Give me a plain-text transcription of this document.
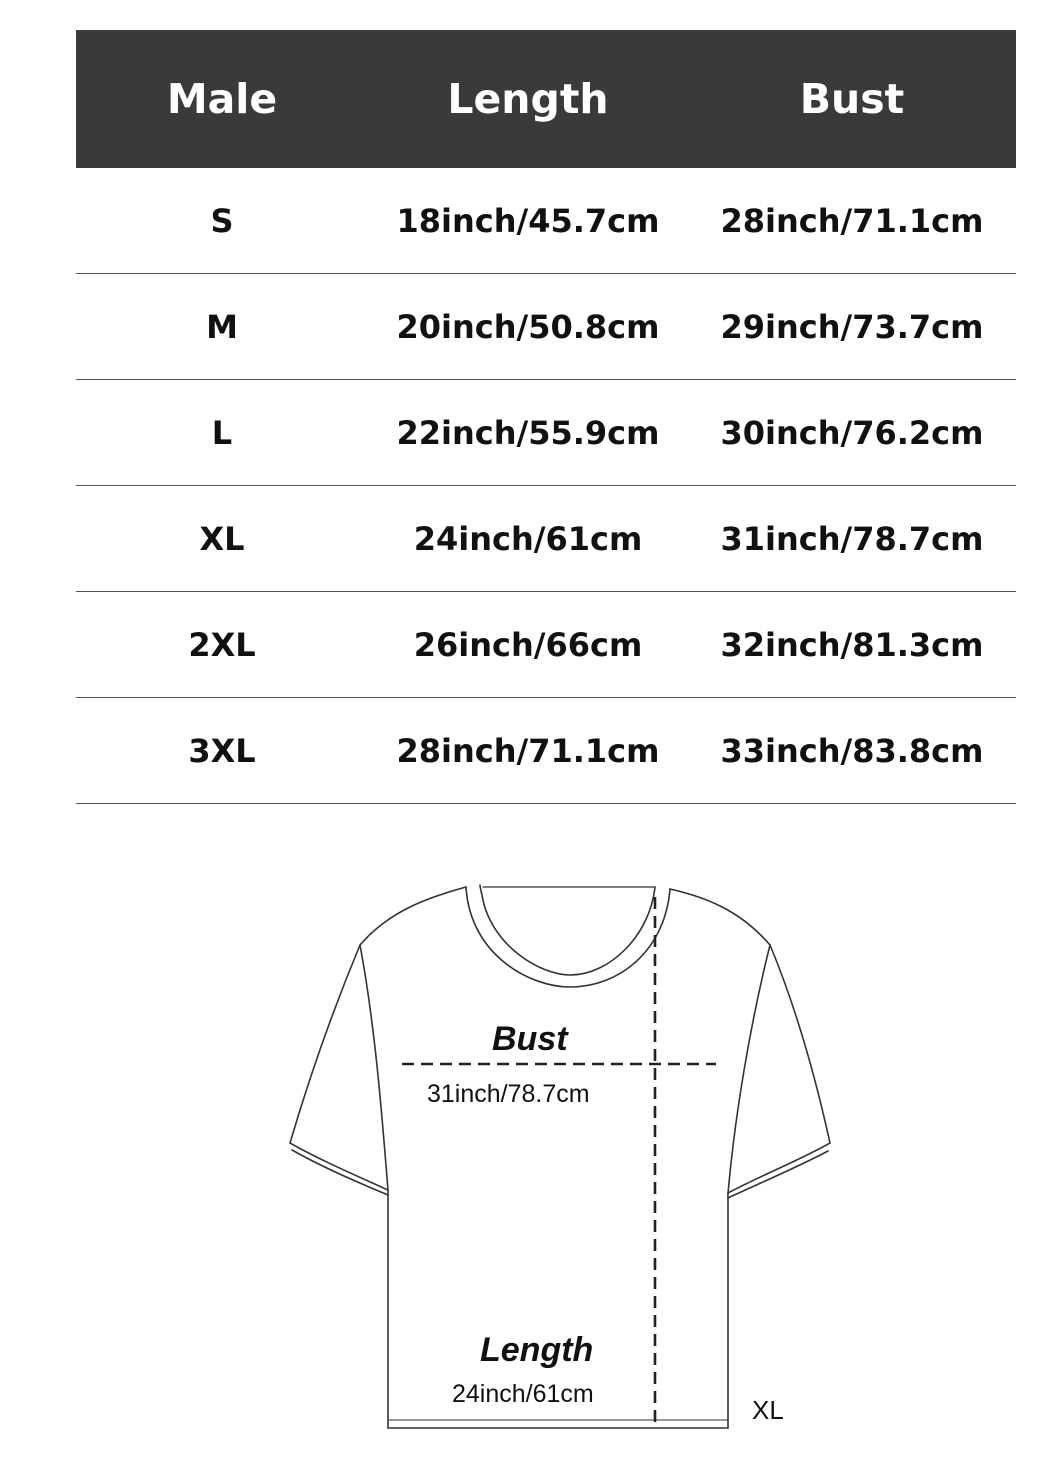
Male	Length	Bust
S	18inch/45.7cm	28inch/71.1cm
M	20inch/50.8cm	29inch/73.7cm
L	22inch/55.9cm	30inch/76.2cm
XL	24inch/61cm	31inch/78.7cm
2XL	26inch/66cm	32inch/81.3cm
3XL	28inch/71.1cm	33inch/83.8cm
Bust
31inch/78.7cm
Length
24inch/61cm
XL
